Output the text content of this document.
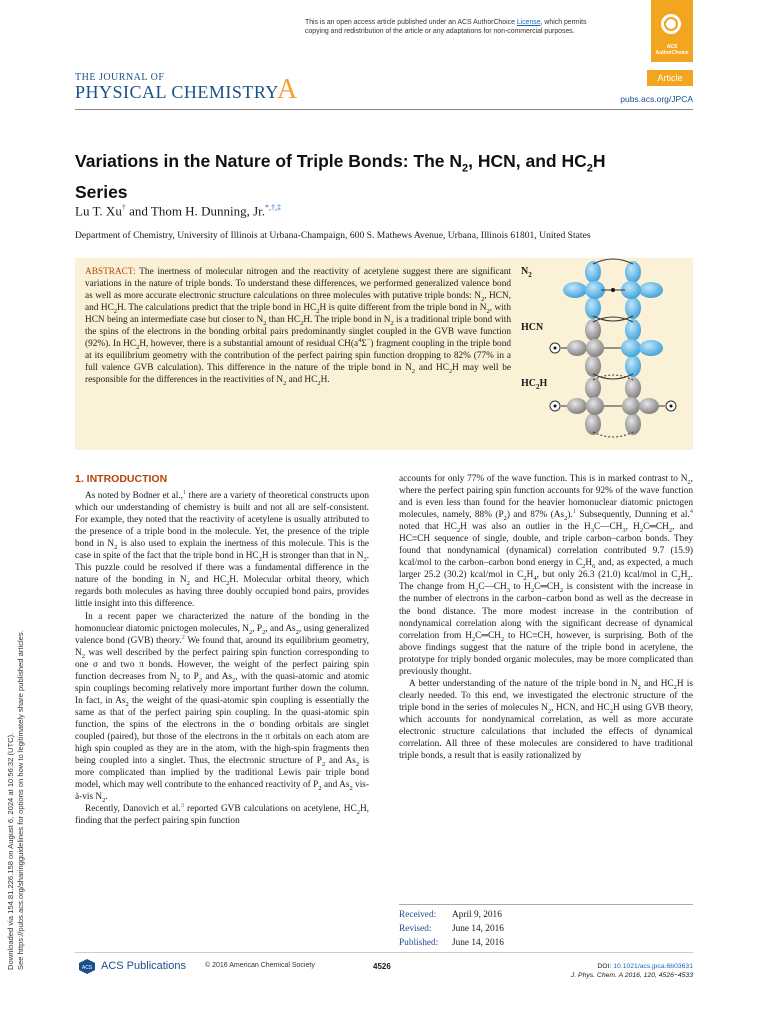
This is an open access article published under an ACS AuthorChoice License, which permits
copying and redistribution of the article or any adaptations for non-commercial purposes.
ACS AuthorChoice
Downloaded via 154.81.226.158 on August 6, 2024 at 10:56:32 (UTC). See https://pubs.acs.org/sharingguidelines for options on how to legitimately share published articles.
THE JOURNAL OF
PHYSICAL CHEMISTRY
A	Article
pubs.acs.org/JPCA
Variations in the Nature of Triple Bonds: The $N_2$, HCN, and $HC_2H$
Series
Lu T. Xu† and Thom H. Dunning, Jr.*,†,‡
Department of Chemistry, University of Illinois at Urbana-Champaign, 600 S. Mathews Avenue, Urbana, Illinois 61801, United States
ABSTRACT: The inertness of molecular nitrogen and the reactivity of acetylene suggest there are significant variations in the nature of triple bonds. To understand these differences, we performed generalized valence bond as well as more accurate electronic structure calculations on three molecules with putative triple bonds: $N_2$, HCN, and $HC_2H$. The calculations predict that the triple bond in $HC_2H$ is quite different from the triple bond in $N_2$, with HCN being an intermediate case but closer to $N_2$ than $HC_2H$. The triple bond in $N_2$ is a traditional triple bond with the spins of the electrons in the bonding orbital pairs predominantly singlet coupled in the GVB wave function (92%). In $HC_2H$, however, there is a substantial amount of residual $CH(a^4\Sigma^-)$ fragment coupling in the triple bond at its equilibrium geometry with the contribution of the perfect pairing spin function dropping to 82% (77% in a full valence GVB calculation). This difference in the nature of the triple bond in $N_2$ and $HC_2H$ may well be responsible for the differences in the reactivities of $N_2$ and $HC_2H$.
$N_2$
HCN
$HC_2H$
1. INTRODUCTION

As noted by Bodner et al.,$^1$ there are a variety of theoretical constructs upon which our understanding of chemistry is built and not all are self-consistent. For example, they noted that the reactivity of acetylene is usually attributed to the presence of a triple bond in the molecule. Yet, the presence of the triple bond in $N_2$ is also used to explain the inertness of this molecule. This is the case in spite of the fact that the triple bond in $HC_2H$ is stronger than that in $N_2$. This puzzle could be resolved if there was a fundamental difference in the nature of the bonding in $N_2$ and $HC_2H$. Molecular orbital theory, which regards both molecules as having three doubly occupied bond pairs, provides little insight into this difference.

In a recent paper we characterized the nature of the bonding in the homonuclear diatomic pnictogen molecules, $N_2$, $P_2$, and $As_2$, using generalized valence bond (GVB) theory.$^2$ We found that, around its equilibrium geometry, $N_2$ was well described by the perfect pairing spin function corresponding to one σ and two π bonds. However, the weight of the perfect pairing spin function decreases from $N_2$ to $P_2$ and $As_2$, with the quasi-atomic and atomic spin couplings becoming relatively more important further down the column. In fact, in $As_2$ the weight of the quasi-atomic spin coupling is essentially the same as that of the perfect pairing spin coupling. In the quasi-atomic spin function, the spins of the electrons in the σ bonding orbitals are singlet coupled (paired), but those of the electrons in the π orbitals on each atom are high spin coupled as they are in the atom, with the high-spin fragments then being coupled into a singlet. Thus, the electronic structure of $P_2$ and $As_2$ is more complicated than implied by the traditional Lewis pair triple bond model, which may well contribute to the enhanced reactivity of $P_2$ and $As_2$ vis-à-vis $N_2$.

Recently, Danovich et al.$^3$ reported GVB calculations on acetylene, $HC_2H$, finding that the perfect pairing spin function

accounts for only 77% of the wave function. This is in marked contrast to $N_2$, where the perfect pairing spin function accounts for 92% of the wave function and is even less than found for the heavier homonuclear diatomic pnictogen molecules, namely, 88% $(P_2)$ and 87% $(As_2).^1$ Subsequently, Dunning et al.$^4$ noted that $HC_2H$ was also an outlier in the $H_3C—CH_3$, $H_2C═CH_2$, and HC≡CH sequence of single, double, and triple carbon–carbon bonds. They found that nondynamical (dynamical) correlation contributed 9.7 (15.9) kcal/mol to the carbon–carbon bond energy in $C_2H_6$ and, as expected, a much larger 25.2 (30.2) kcal/mol in $C_2H_4$, but only 26.3 (21.0) kcal/mol in $C_2H_2$. The change from $H_3C—CH_3$ to $H_2C═CH_2$ is consistent with the increase in the number of electrons in the carbon–carbon bond as well as the decrease in the bond distance. The more modest increase in the contribution of nondynamical correlation along with the significant decrease of dynamical correlation from $H_2C═CH_2$ to HC≡CH, however, is surprising. Both of the above findings suggest that the nature of the triple bond in acetylene, the prototype for triply bonded organic molecules, may be more complicated than previously thought.

A better understanding of the nature of the triple bond in $N_2$ and $HC_2H$ is clearly needed. To this end, we investigated the electronic structure of the triple bond in the series of molecules $N_2$, HCN, and $HC_2H$ using GVB theory, which accounts for nondynamical correlation, as well as more accurate electronic structure calculations that included the effects of dynamical correlation. All three of these molecules are considered to have traditional triple bonds, a result that is easily rationalized by

Received: April 9, 2016
Revised: June 14, 2016
Published: June 14, 2016
ACS ACS Publications	© 2016 American Chemical Society	4526	DOI: 10.1021/acs.jpca.6b03631
J. Phys. Chem. A 2016, 120, 4526−4533
